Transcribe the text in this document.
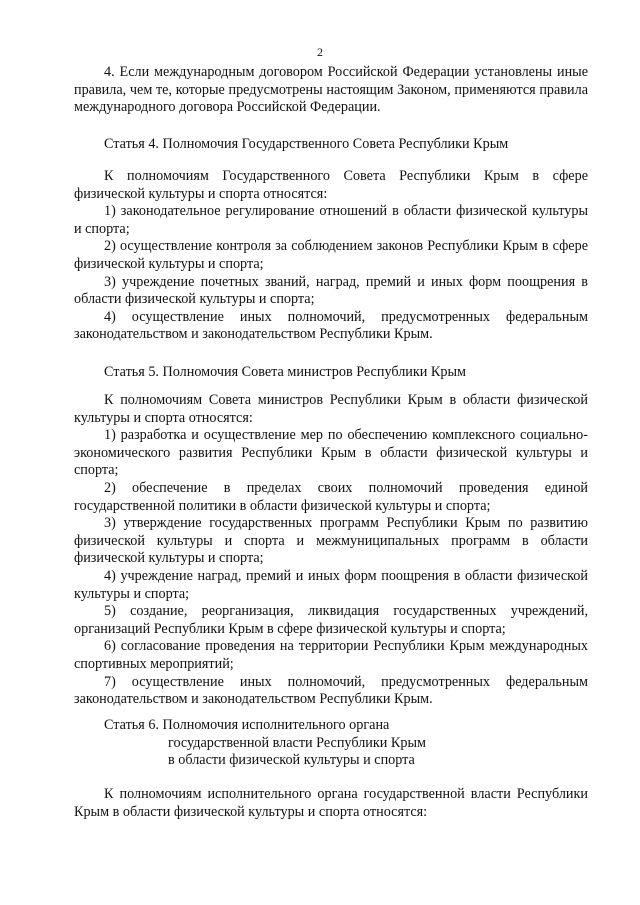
2

4. Если международным договором Российской Федерации установлены иные правила, чем те, которые предусмотрены настоящим Законом, применяются правила международного договора Российской Федерации.

Статья 4. Полномочия Государственного Совета Республики Крым

К полномочиям Государственного Совета Республики Крым в сфере физической культуры и спорта относятся:

1) законодательное регулирование отношений в области физической культуры и спорта;

2) осуществление контроля за соблюдением законов Республики Крым в сфере физической культуры и спорта;

3) учреждение почетных званий, наград, премий и иных форм поощрения в области физической культуры и спорта;

4) осуществление иных полномочий, предусмотренных федеральным законодательством и законодательством Республики Крым.

Статья 5. Полномочия Совета министров Республики Крым

К полномочиям Совета министров Республики Крым в области физической культуры и спорта относятся:

1) разработка и осуществление мер по обеспечению комплексного социально-экономического развития Республики Крым в области физической культуры и спорта;

2) обеспечение в пределах своих полномочий проведения единой государственной политики в области физической культуры и спорта;

3) утверждение государственных программ Республики Крым по развитию физической культуры и спорта и межмуниципальных программ в области физической культуры и спорта;

4) учреждение наград, премий и иных форм поощрения в области физической культуры и спорта;

5) создание, реорганизация, ликвидация государственных учреждений, организаций Республики Крым в сфере физической культуры и спорта;

6) согласование проведения на территории Республики Крым международных спортивных мероприятий;

7) осуществление иных полномочий, предусмотренных федеральным законодательством и законодательством Республики Крым.

Статья 6. Полномочия исполнительного органа
государственной власти Республики Крым
в области физической культуры и спорта

К полномочиям исполнительного органа государственной власти Республики Крым в области физической культуры и спорта относятся:
